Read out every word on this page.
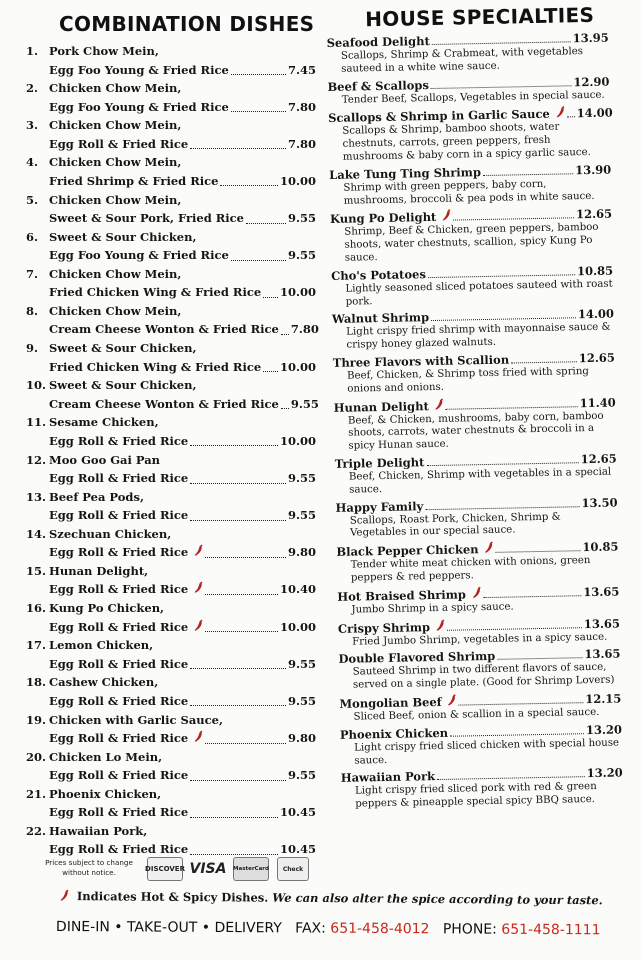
COMBINATION DISHES
1. Pork Chow Mein,
Egg Foo Young & Fried Rice	7.45
2. Chicken Chow Mein,
Egg Foo Young & Fried Rice	7.80
3. Chicken Chow Mein,
Egg Roll & Fried Rice	7.80
4. Chicken Chow Mein,
Fried Shrimp & Fried Rice	10.00
5. Chicken Chow Mein,
Sweet & Sour Pork, Fried Rice	9.55
6. Sweet & Sour Chicken,
Egg Foo Young & Fried Rice	9.55
7. Chicken Chow Mein,
Fried Chicken Wing & Fried Rice 10.00
8. Chicken Chow Mein,
Cream Cheese Wonton & Fried Rice 7.80
9. Sweet & Sour Chicken,
Fried Chicken Wing & Fried Rice 10.00
10. Sweet & Sour Chicken,
Cream Cheese Wonton & Fried Rice 9.55
11. Sesame Chicken,
Egg Roll & Fried Rice	10.00
12. Moo Goo Gai Pan
Egg Roll & Fried Rice	9.55
13. Beef Pea Pods,
Egg Roll & Fried Rice	9.55
14. Szechuan Chicken,
Egg Roll & Fried Rice	9.80
15. Hunan Delight,
Egg Roll & Fried Rice	10.40
16. Kung Po Chicken,
Egg Roll & Fried Rice	10.00
17. Lemon Chicken,
Egg Roll & Fried Rice	9.55
18. Cashew Chicken,
Egg Roll & Fried Rice	9.55
19. Chicken with Garlic Sauce,
Egg Roll & Fried Rice	9.80
20. Chicken Lo Mein,
Egg Roll & Fried Rice	9.55
21. Phoenix Chicken,
Egg Roll & Fried Rice	10.45
22. Hawaiian Pork,
Egg Roll & Fried Rice	10.45
HOUSE SPECIALTIES
Seafood Delight	13.95
Scallops, Shrimp & Crabmeat, with vegetables sauteed in a white wine sauce.
Beef & Scallops	12.90
Tender Beef, Scallops, Vegetables in special sauce.
Scallops & Shrimp in Garlic Sauce 14.00
Scallops & Shrimp, bamboo shoots, water chestnuts, carrots, green peppers, fresh mushrooms & baby corn in a spicy garlic sauce.
Lake Tung Ting Shrimp	13.90
Shrimp with green peppers, baby corn, mushrooms, broccoli & pea pods in white sauce.
Kung Po Delight	12.65
Shrimp, Beef & Chicken, green peppers, bamboo shoots, water chestnuts, scallion, spicy Kung Po sauce.
Cho's Potatoes	10.85
Lightly seasoned sliced potatoes sauteed with roast pork.
Walnut Shrimp	14.00
Light crispy fried shrimp with mayonnaise sauce & crispy honey glazed walnuts.
Three Flavors with Scallion	12.65
Beef, Chicken, & Shrimp toss fried with spring onions and onions.
Hunan Delight	11.40
Beef, & Chicken, mushrooms, baby corn, bamboo shoots, carrots, water chestnuts & broccoli in a spicy Hunan sauce.
Triple Delight	12.65
Beef, Chicken, Shrimp with vegetables in a special sauce.
Happy Family	13.50
Scallops, Roast Pork, Chicken, Shrimp & Vegetables in our special sauce.
Black Pepper Chicken	10.85
Tender white meat chicken with onions, green peppers & red peppers.
Hot Braised Shrimp	13.65
Jumbo Shrimp in a spicy sauce.
Crispy Shrimp	13.65
Fried Jumbo Shrimp, vegetables in a spicy sauce.
Double Flavored Shrimp	13.65
Sauteed Shrimp in two different flavors of sauce, served on a single plate. (Good for Shrimp Lovers)
Mongolian Beef	12.15
Sliced Beef, onion & scallion in a special sauce.
Phoenix Chicken	13.20
Light crispy fried sliced chicken with special house sauce.
Hawaiian Pork	13.20
Light crispy fried sliced pork with red & green peppers & pineapple special spicy BBQ sauce.
Prices subject to change
without notice.	DISCOVER VISA MasterCard Check
Indicates Hot & Spicy Dishes. We can also alter the spice according to your taste.
DINE-IN • TAKE-OUT • DELIVERY FAX: 651-458-4012 PHONE: 651-458-1111
